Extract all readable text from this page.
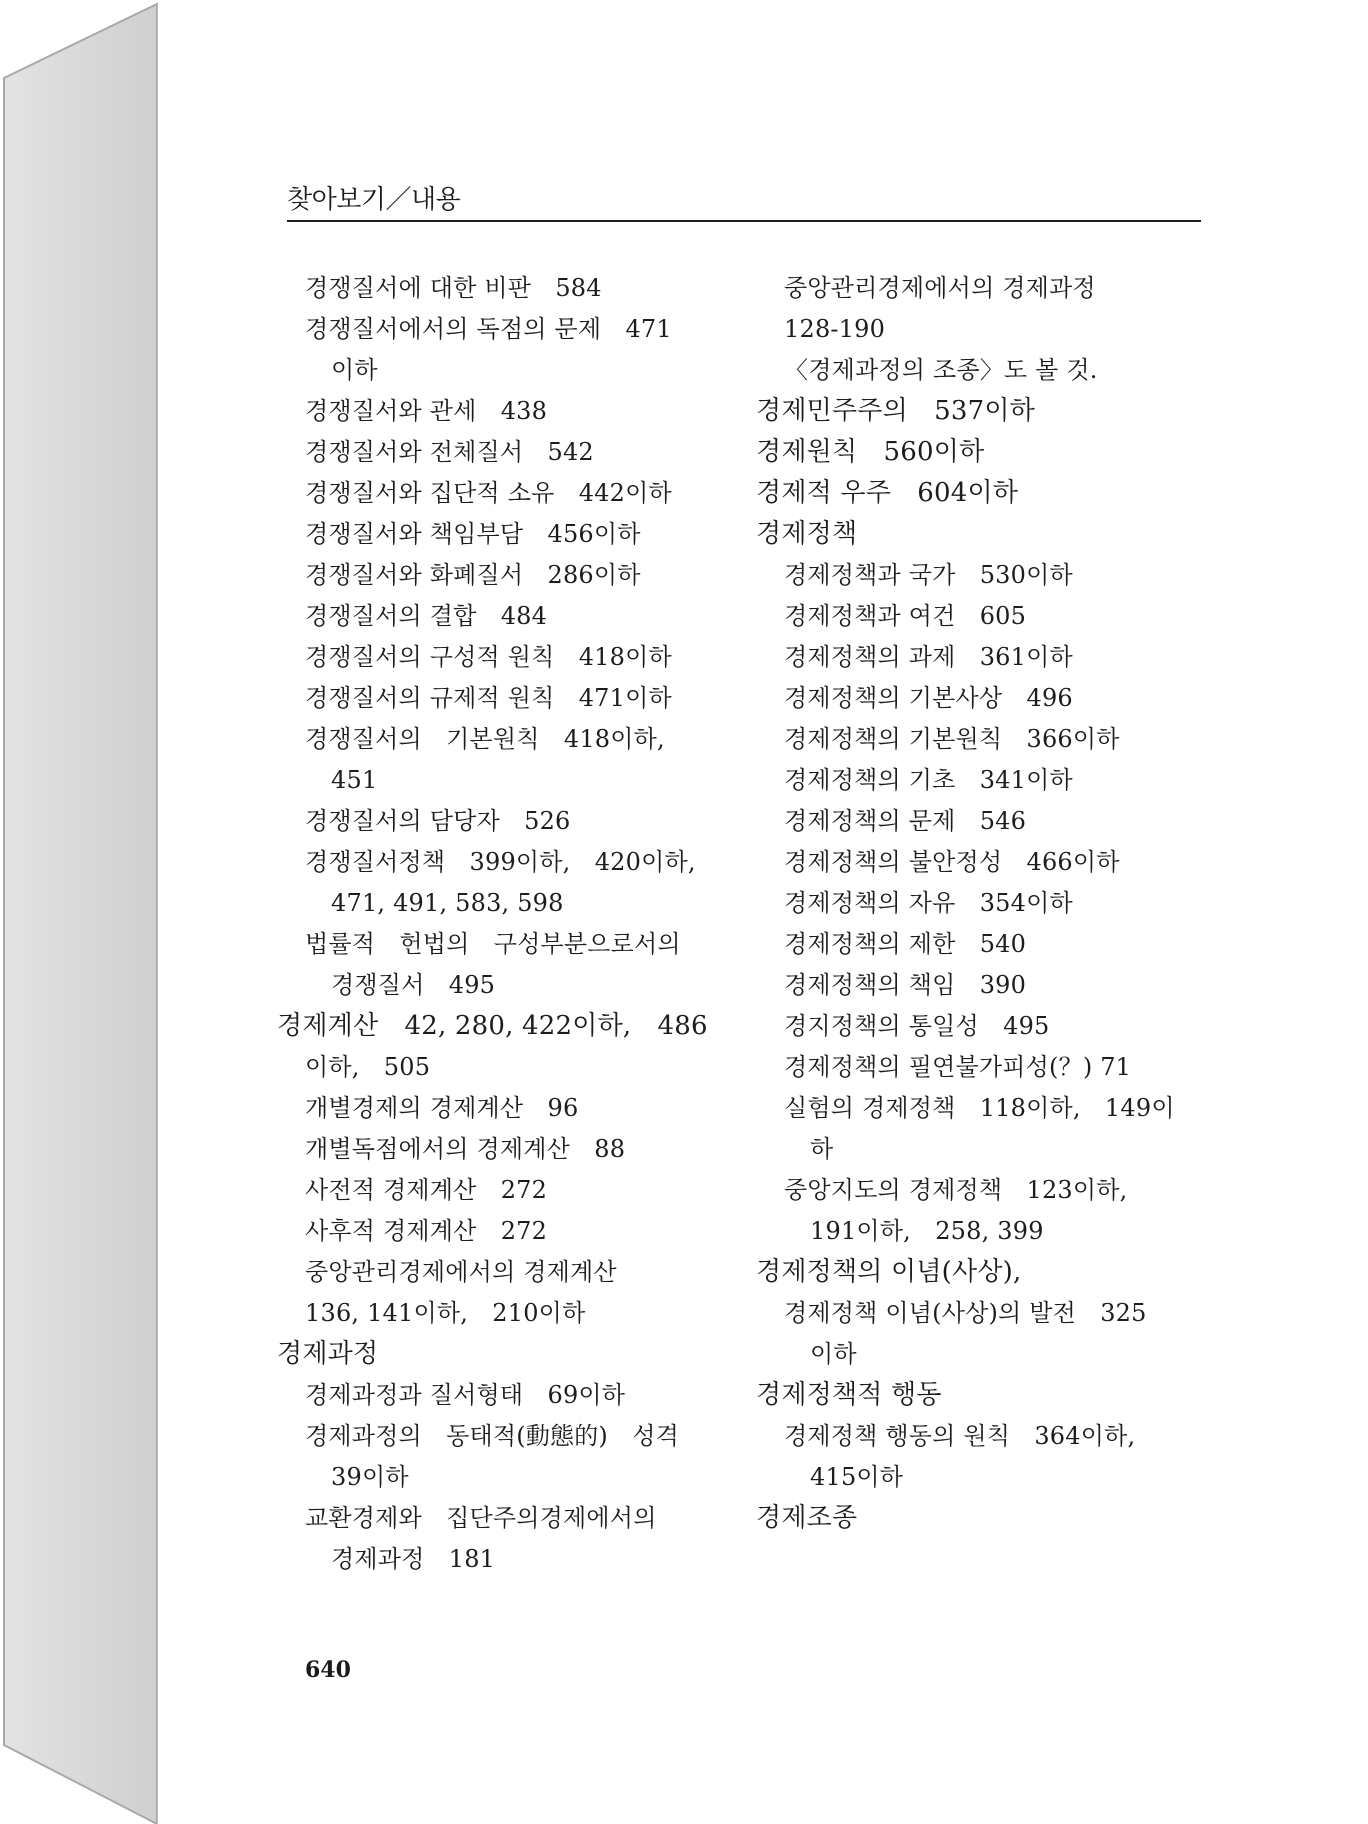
찾아보기／내용
경쟁질서에 대한 비판　584
경쟁질서에서의 독점의 문제　471
이하
경쟁질서와 관세　438
경쟁질서와 전체질서　542
경쟁질서와 집단적 소유　442이하
경쟁질서와 책임부담　456이하
경쟁질서와 화폐질서　286이하
경쟁질서의 결합　484
경쟁질서의 구성적 원칙　418이하
경쟁질서의 규제적 원칙　471이하
경쟁질서의　기본원칙　418이하,
451
경쟁질서의 담당자　526
경쟁질서정책　399이하,　420이하,
471, 491, 583, 598
법률적　헌법의　구성부분으로서의
경쟁질서　495
경제계산　42, 280, 422이하,　486
이하,　505
개별경제의 경제계산　96
개별독점에서의 경제계산　88
사전적 경제계산　272
사후적 경제계산　272
중앙관리경제에서의 경제계산
136, 141이하,　210이하
경제과정
경제과정과 질서형태　69이하
경제과정의　동태적(動態的)　성격
39이하
교환경제와　집단주의경제에서의
경제과정　181
중앙관리경제에서의 경제과정
128-190
〈경제과정의 조종〉도 볼 것.
경제민주주의　537이하
경제원칙　560이하
경제적 우주　604이하
경제정책
경제정책과 국가　530이하
경제정책과 여건　605
경제정책의 과제　361이하
경제정책의 기본사상　496
경제정책의 기본원칙　366이하
경제정책의 기초　341이하
경제정책의 문제　546
경제정책의 불안정성　466이하
경제정책의 자유　354이하
경제정책의 제한　540
경제정책의 책임　390
경지정책의 통일성　495
경제정책의 필연불가피성(？) 71
실험의 경제정책　118이하,　149이
하
중앙지도의 경제정책　123이하,
191이하,　258, 399
경제정책의 이념(사상),
경제정책 이념(사상)의 발전　325
이하
경제정책적 행동
경제정책 행동의 원칙　364이하,
415이하
경제조종
640
